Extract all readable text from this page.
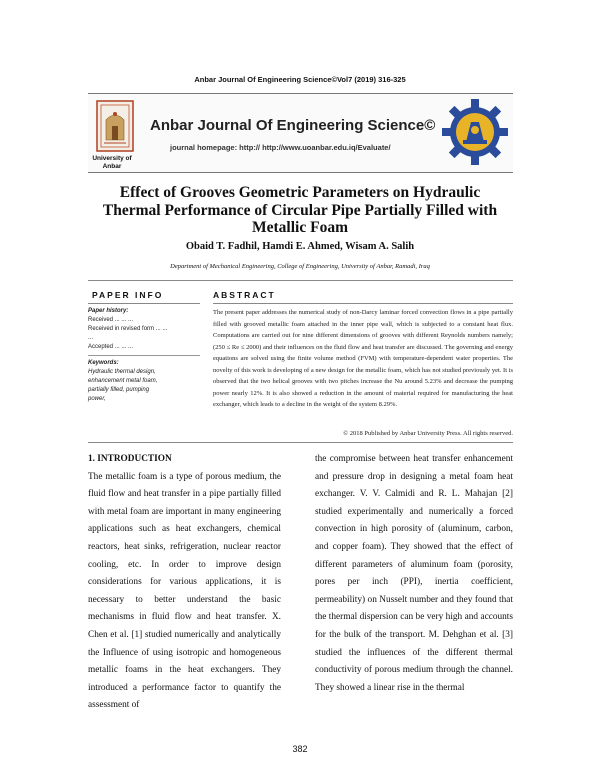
Anbar Journal Of Engineering Science©Vol7 (2019) 316-325
University of
Anbar
Anbar Journal Of Engineering Science©
journal homepage: http:// http://www.uoanbar.edu.iq/Evaluate/
Effect of Grooves Geometric Parameters on Hydraulic
Thermal Performance of Circular Pipe Partially Filled with
Metallic Foam
Obaid T. Fadhil, Hamdi E. Ahmed, Wisam A. Salih
Department of Mechanical Engineering, College of Engineering, University of Anbar, Ramadi, Iraq
PAPER INFO	ABSTRACT
Paper history:
Received ... ... ...
Received in revised form ... ...
...
Accepted ... ... ...
Keywords:
Hydraulic thermal design,
enhancement metal foam,
partially filled, pumping
power,
The present paper addresses the numerical study of non-Darcy laminar forced convection flows in a pipe partially filled with grooved metallic foam attached in the inner pipe wall, which is subjected to a constant heat flux. Computations are carried out for nine different dimensions of grooves with different Reynolds numbers namely; (250 ≤ Re ≤ 2000) and their influences on the fluid flow and heat transfer are discussed. The governing and energy equations are solved using the finite volume method (FVM) with temperature-dependent water properties. The novelty of this work is developing of a new design for the metallic foam, which has not studied previously yet. It is observed that the two helical grooves with two pitches increase the Nu around 5.23% and decrease the pumping power nearly 12%. It is also showed a reduction in the amount of material required for manufacturing the heat exchanger, which leads to a decline in the weight of the system 8.29%.
© 2018 Published by Anbar University Press. All rights reserved.

1. INTRODUCTION

The metallic foam is a type of porous medium, the fluid flow and heat transfer in a pipe partially filled with metal foam are important in many engineering applications such as heat exchangers, chemical reactors, heat sinks, refrigeration, nuclear reactor cooling, etc. In order to improve design considerations for various applications, it is necessary to better understand the basic mechanisms in fluid flow and heat transfer. X. Chen et al. [1] studied numerically and analytically the Influence of using isotropic and homogeneous metallic foams in the heat exchangers. They introduced a performance factor to quantify the assessment of

the compromise between heat transfer enhancement and pressure drop in designing a metal foam heat exchanger. V. V. Calmidi and R. L. Mahajan [2] studied experimentally and numerically a forced convection in high porosity of (aluminum, carbon, and copper foam). They showed that the effect of different parameters of aluminum foam (porosity, pores per inch (PPI), inertia coefficient, permeability) on Nusselt number and they found that the thermal dispersion can be very high and accounts for the bulk of the transport. M. Dehghan et al. [3] studied the influences of the different thermal conductivity of porous medium through the channel. They showed a linear rise in the thermal

382
